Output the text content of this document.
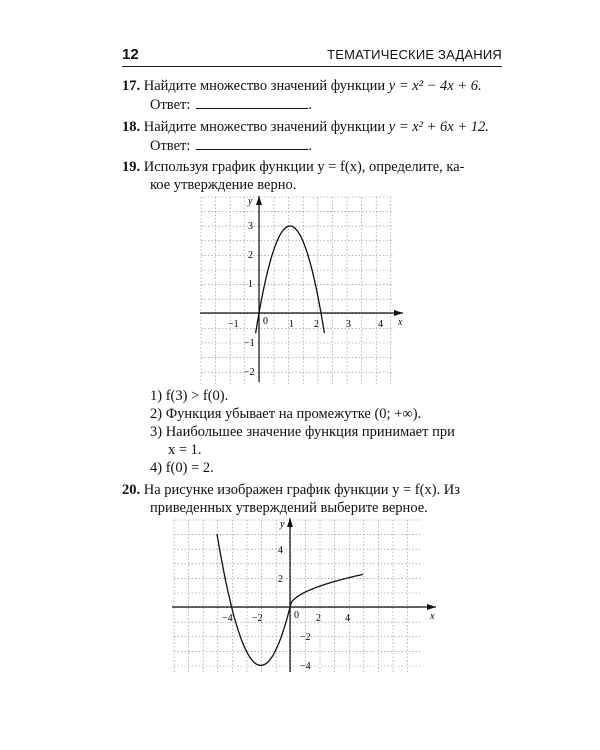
12	ТЕМАТИЧЕСКИЕ ЗАДАНИЯ
17. Найдите множество значений функции y = x² − 4x + 6.
Ответ:	.
18. Найдите множество значений функции y = x² + 6x + 12.
Ответ:	.
19. Используя график функции y = f(x), определите, ка-
кое утверждение верно.
−1 0 1 2	3	4
3
2
1
−1
−2
x
y
−4 −2	0 2 4
4
2
−2
−4
x
y
1) f(3) > f(0).
2) Функция убывает на промежутке (0; +∞).
3) Наибольшее значение функция принимает при
x = 1.
4) f(0) = 2.
20. На рисунке изображен график функции y = f(x). Из
приведенных утверждений выберите верное.
